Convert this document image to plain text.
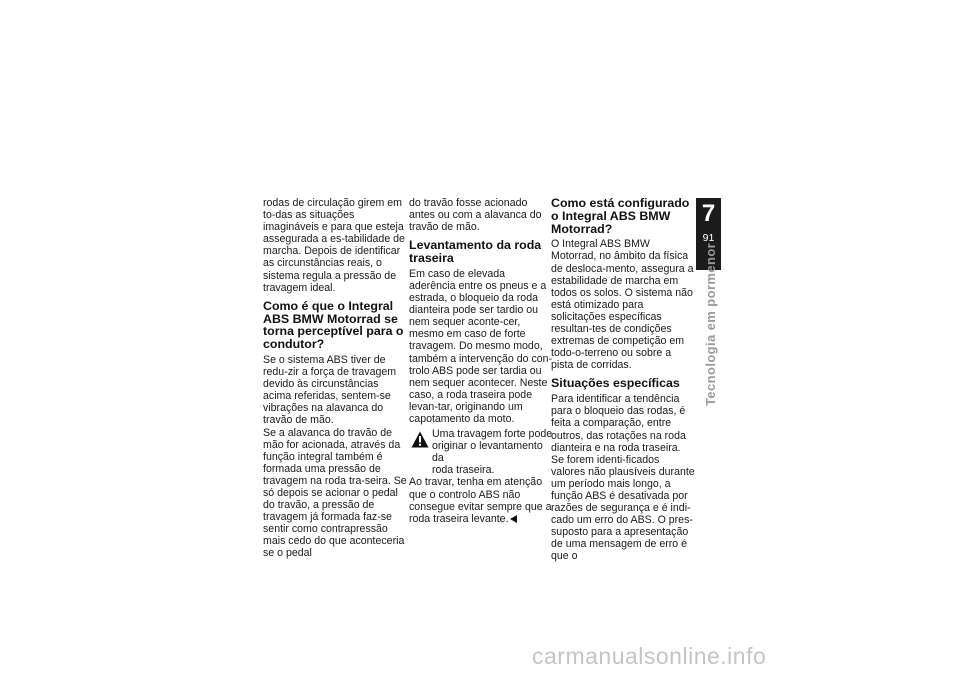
rodas de circulação girem em to-das as situações imagináveis e para que esteja assegurada a es-tabilidade de marcha. Depois de identificar as circunstâncias reais, o sistema regula a pressão de travagem ideal.

Como é que o Integral ABS BMW Motorrad se torna perceptível para o condutor?

Se o sistema ABS tiver de redu-zir a força de travagem devido às circunstâncias acima referidas, sentem-se vibrações na alavanca do travão de mão.

Se a alavanca do travão de mão for acionada, através da função integral também é formada uma pressão de travagem na roda tra-seira. Se só depois se acionar o pedal do travão, a pressão de travagem já formada faz-se sentir como contrapressão mais cedo do que aconteceria se o pedal

do travão fosse acionado antes ou com a alavanca do travão de mão.

Levantamento da roda traseira

Em caso de elevada aderência entre os pneus e a estrada, o bloqueio da roda dianteira pode ser tardio ou nem sequer aconte-cer, mesmo em caso de forte travagem. Do mesmo modo, também a intervenção do con-trolo ABS pode ser tardia ou nem sequer acontecer. Neste caso, a roda traseira pode levan-tar, originando um capotamento da moto.

Uma travagem forte pode originar o levantamento da

roda traseira.

Ao travar, tenha em atenção que o controlo ABS não consegue evitar sempre que a roda traseira levante.

Como está configurado o Integral ABS BMW Motorrad?

O Integral ABS BMW Motorrad, no âmbito da física de desloca-mento, assegura a estabilidade de marcha em todos os solos. O sistema não está otimizado para solicitações específicas resultan-tes de condições extremas de competição em todo-o-terreno ou sobre a pista de corridas.

Situações específicas

Para identificar a tendência para o bloqueio das rodas, é feita a comparação, entre outros, das rotações na roda dianteira e na roda traseira. Se forem identi-ficados valores não plausíveis durante um período mais longo, a função ABS é desativada por razões de segurança e é indi-cado um erro do ABS. O pres-suposto para a apresentação de uma mensagem de erro é que o

7
91
Tecnologia em pormenor
carmanualsonline.info
